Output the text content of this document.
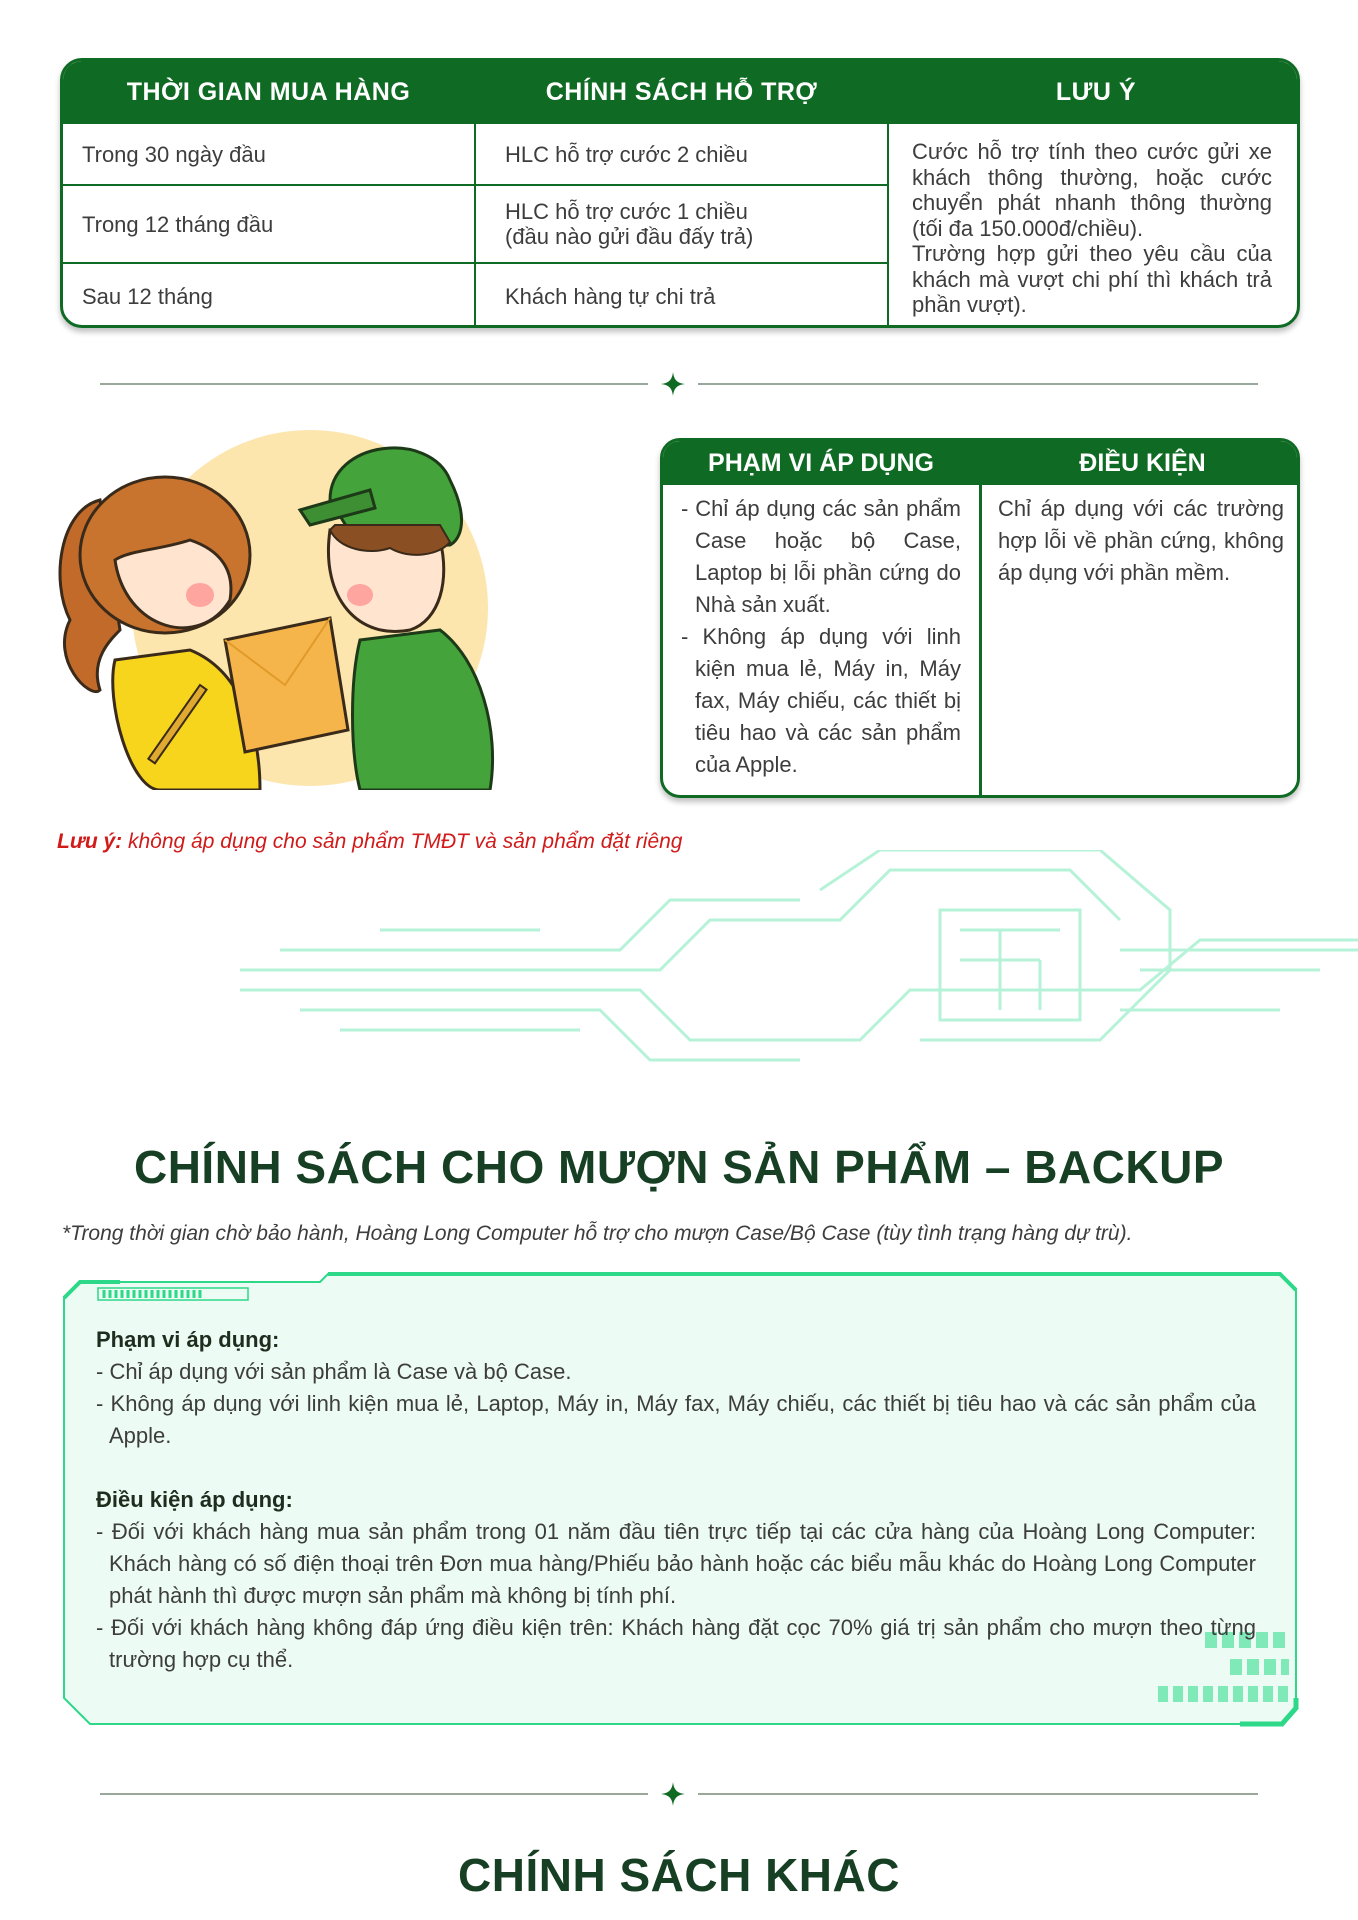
THỜI GIAN MUA HÀNG	CHÍNH SÁCH HỖ TRỢ	LƯU Ý
Trong 30 ngày đầu	HLC hỗ trợ cước 2 chiều
Trong 12 tháng đầu	HLC hỗ trợ cước 1 chiều
(đầu nào gửi đầu đấy trả)
Sau 12 tháng	Khách hàng tự chi trả
Cước hỗ trợ tính theo cước gửi xe khách thông thường, hoặc cước chuyển phát nhanh thông thường (tối đa 150.000đ/chiều).
Trường hợp gửi theo yêu cầu của khách mà vượt chi phí thì khách trả phần vượt).
PHẠM VI ÁP DỤNG	ĐIỀU KIỆN
- Chỉ áp dụng các sản phẩm Case hoặc bộ Case, Laptop bị lỗi phần cứng do Nhà sản xuất.
- Không áp dụng với linh kiện mua lẻ, Máy in, Máy fax, Máy chiếu, các thiết bị tiêu hao và các sản phẩm của Apple.
Chỉ áp dụng với các trường hợp lỗi về phần cứng, không áp dụng với phần mềm.
Lưu ý: không áp dụng cho sản phẩm TMĐT và sản phẩm đặt riêng
CHÍNH SÁCH CHO MƯỢN SẢN PHẨM – BACKUP
*Trong thời gian chờ bảo hành, Hoàng Long Computer hỗ trợ cho mượn Case/Bộ Case (tùy tình trạng hàng dự trù).
Phạm vi áp dụng:

- Chỉ áp dụng với sản phẩm là Case và bộ Case.

- Không áp dụng với linh kiện mua lẻ, Laptop, Máy in, Máy fax, Máy chiếu, các thiết bị tiêu hao và các sản phẩm của Apple.

Điều kiện áp dụng:

- Đối với khách hàng mua sản phẩm trong 01 năm đầu tiên trực tiếp tại các cửa hàng của Hoàng Long Computer: Khách hàng có số điện thoại trên Đơn mua hàng/Phiếu bảo hành hoặc các biểu mẫu khác do Hoàng Long Computer phát hành thì được mượn sản phẩm mà không bị tính phí.

- Đối với khách hàng không đáp ứng điều kiện trên: Khách hàng đặt cọc 70% giá trị sản phẩm cho mượn theo từng trường hợp cụ thể.

CHÍNH SÁCH KHÁC
